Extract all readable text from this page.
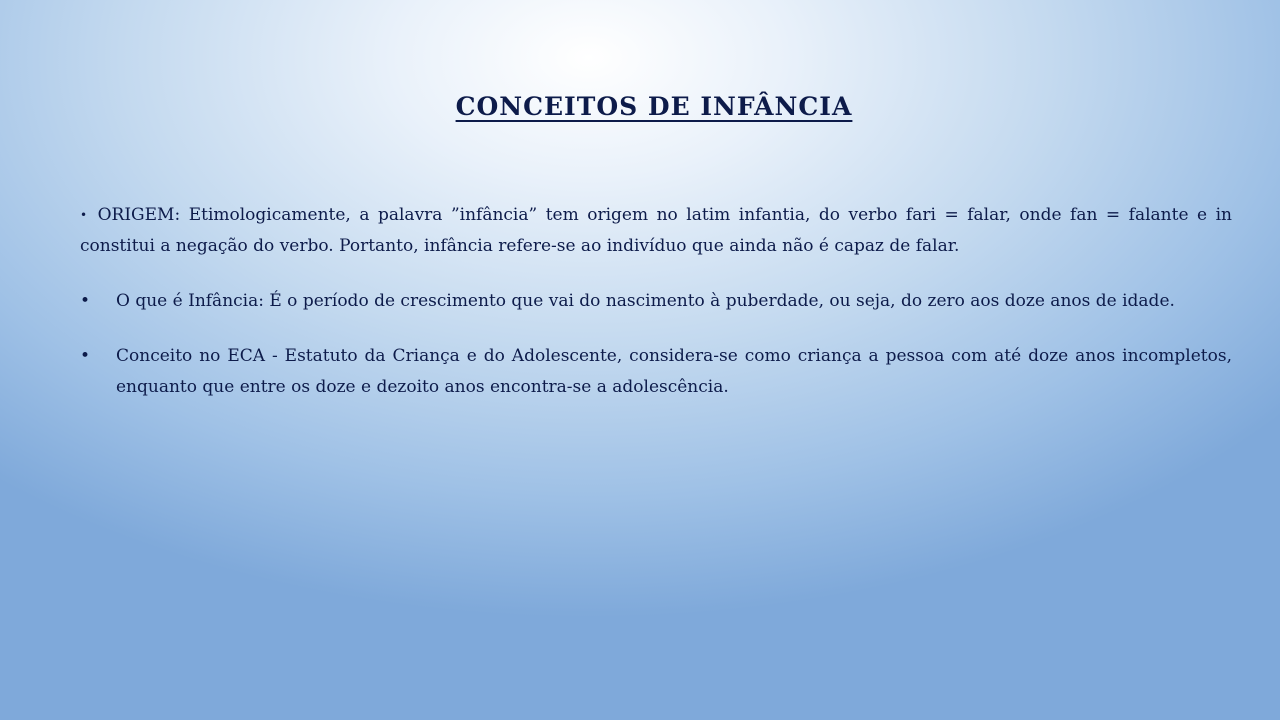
CONCEITOS DE INFÂNCIA

• ORIGEM: Etimologicamente, a palavra ”infância” tem origem no latim infantia, do verbo fari = falar, onde fan = falante e in constitui a negação do verbo. Portanto, infância refere-se ao indivíduo que ainda não é capaz de falar.

•	O que é Infância: É o período de crescimento que vai do nascimento à puberdade, ou seja, do zero aos doze anos de idade.
•	Conceito no ECA - Estatuto da Criança e do Adolescente, considera-se como criança a pessoa com até doze anos incompletos, enquanto que entre os doze e dezoito anos encontra-se a adolescência.
